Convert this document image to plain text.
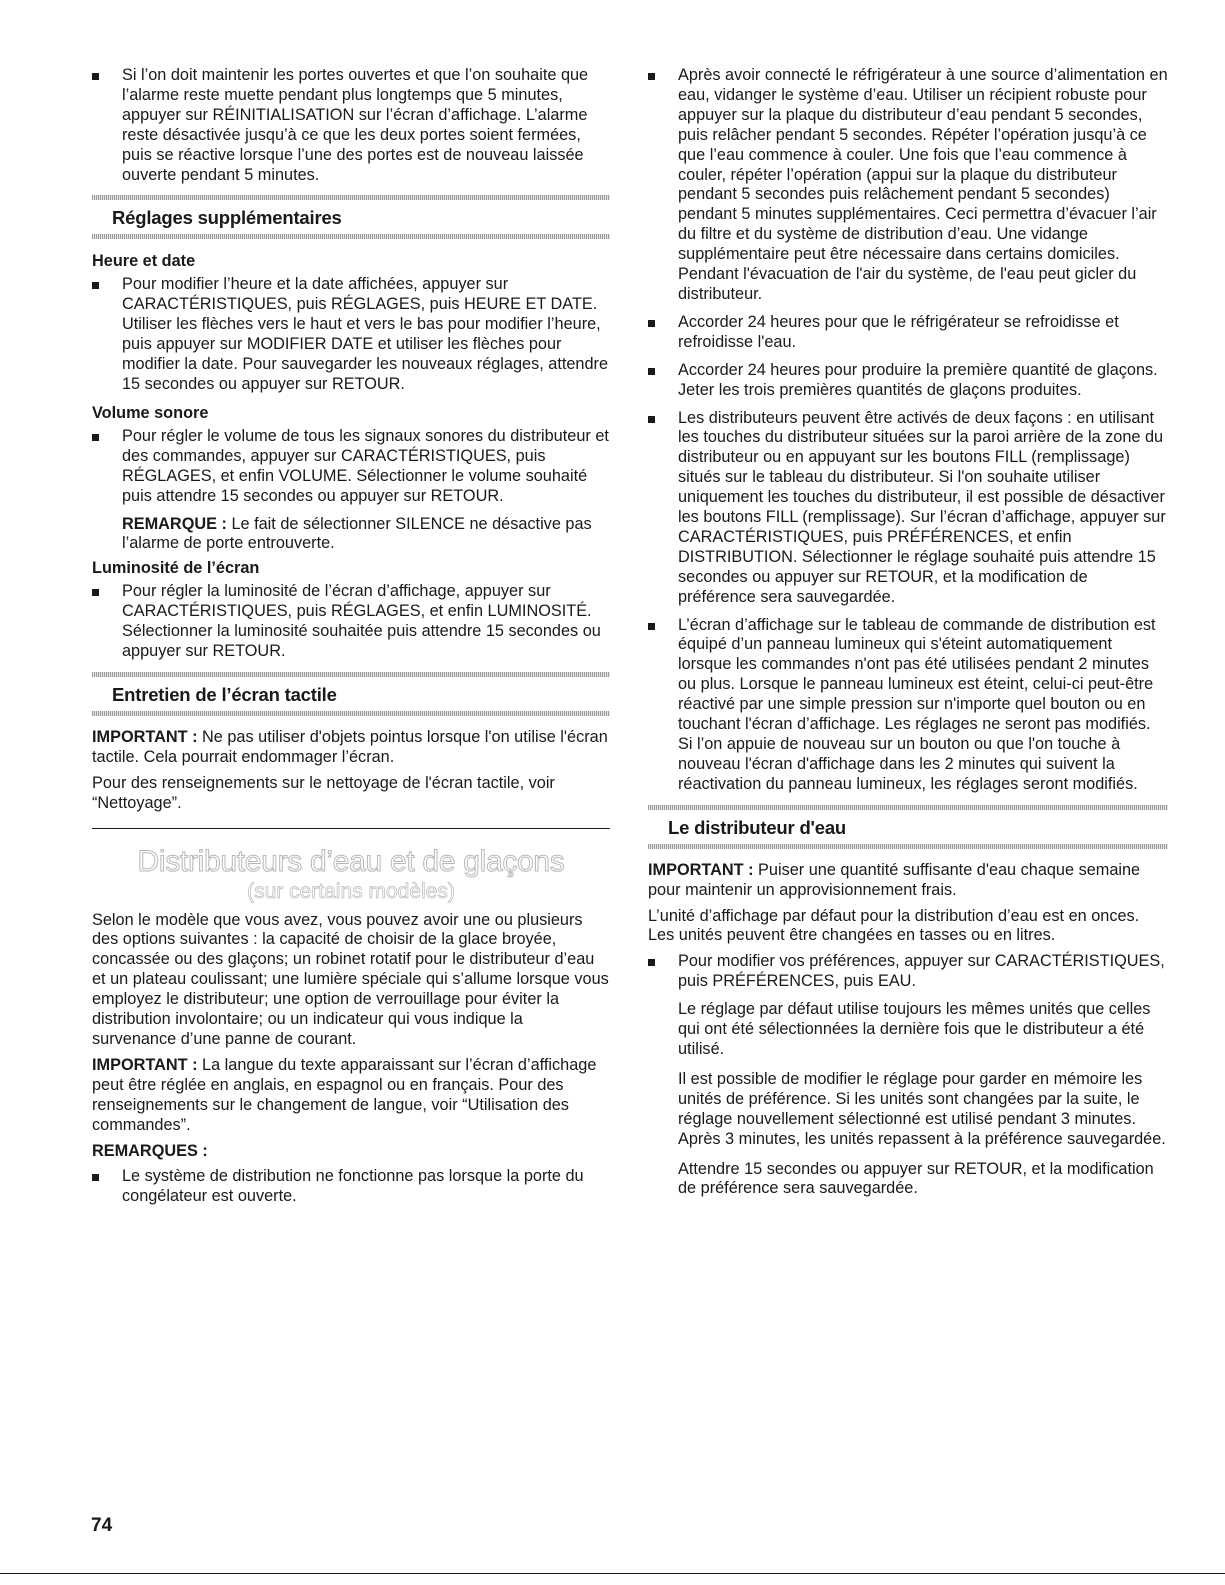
Si l’on doit maintenir les portes ouvertes et que l’on souhaite que l’alarme reste muette pendant plus longtemps que 5 minutes, appuyer sur RÉINITIALISATION sur l’écran d’affichage. L’alarme reste désactivée jusqu’à ce que les deux portes soient fermées, puis se réactive lorsque l’une des portes est de nouveau laissée ouverte pendant 5 minutes.

Réglages supplémentaires
Heure et date

Pour modifier l’heure et la date affichées, appuyer sur CARACTÉRISTIQUES, puis RÉGLAGES, puis HEURE ET DATE. Utiliser les flèches vers le haut et vers le bas pour modifier l’heure, puis appuyer sur MODIFIER DATE et utiliser les flèches pour modifier la date. Pour sauvegarder les nouveaux réglages, attendre 15 secondes ou appuyer sur RETOUR.

Volume sonore

Pour régler le volume de tous les signaux sonores du distributeur et des commandes, appuyer sur CARACTÉRISTIQUES, puis RÉGLAGES, et enfin VOLUME. Sélectionner le volume souhaité puis attendre 15 secondes ou appuyer sur RETOUR.

REMARQUE : Le fait de sélectionner SILENCE ne désactive pas l’alarme de porte entrouverte.

Luminosité de l’écran

Pour régler la luminosité de l’écran d’affichage, appuyer sur CARACTÉRISTIQUES, puis RÉGLAGES, et enfin LUMINOSITÉ. Sélectionner la luminosité souhaitée puis attendre 15 secondes ou appuyer sur RETOUR.

Entretien de l’écran tactile

IMPORTANT : Ne pas utiliser d'objets pointus lorsque l'on utilise l'écran tactile. Cela pourrait endommager l’écran.

Pour des renseignements sur le nettoyage de l'écran tactile, voir “Nettoyage”.

Distributeurs d’eau et de glaçons
(sur certains modèles)

Selon le modèle que vous avez, vous pouvez avoir une ou plusieurs des options suivantes : la capacité de choisir de la glace broyée, concassée ou des glaçons; un robinet rotatif pour le distributeur d’eau et un plateau coulissant; une lumière spéciale qui s’allume lorsque vous employez le distributeur; une option de verrouillage pour éviter la distribution involontaire; ou un indicateur qui vous indique la survenance d’une panne de courant.

IMPORTANT : La langue du texte apparaissant sur l’écran d’affichage peut être réglée en anglais, en espagnol ou en français. Pour des renseignements sur le changement de langue, voir “Utilisation des commandes”.

REMARQUES :

Le système de distribution ne fonctionne pas lorsque la porte du congélateur est ouverte.

Après avoir connecté le réfrigérateur à une source d’alimentation en eau, vidanger le système d’eau. Utiliser un récipient robuste pour appuyer sur la plaque du distributeur d’eau pendant 5 secondes, puis relâcher pendant 5 secondes. Répéter l’opération jusqu’à ce que l’eau commence à couler. Une fois que l’eau commence à couler, répéter l’opération (appui sur la plaque du distributeur pendant 5 secondes puis relâchement pendant 5 secondes) pendant 5 minutes supplémentaires. Ceci permettra d’évacuer l’air du filtre et du système de distribution d’eau. Une vidange supplémentaire peut être nécessaire dans certains domiciles. Pendant l'évacuation de l'air du système, de l'eau peut gicler du distributeur.

Accorder 24 heures pour que le réfrigérateur se refroidisse et refroidisse l'eau.

Accorder 24 heures pour produire la première quantité de glaçons. Jeter les trois premières quantités de glaçons produites.

Les distributeurs peuvent être activés de deux façons : en utilisant les touches du distributeur situées sur la paroi arrière de la zone du distributeur ou en appuyant sur les boutons FILL (remplissage) situés sur le tableau du distributeur. Si l'on souhaite utiliser uniquement les touches du distributeur, il est possible de désactiver les boutons FILL (remplissage). Sur l’écran d’affichage, appuyer sur CARACTÉRISTIQUES, puis PRÉFÉRENCES, et enfin DISTRIBUTION. Sélectionner le réglage souhaité puis attendre 15 secondes ou appuyer sur RETOUR, et la modification de préférence sera sauvegardée.

L’écran d’affichage sur le tableau de commande de distribution est équipé d’un panneau lumineux qui s'éteint automatiquement lorsque les commandes n'ont pas été utilisées pendant 2 minutes ou plus. Lorsque le panneau lumineux est éteint, celui-ci peut-être réactivé par une simple pression sur n'importe quel bouton ou en touchant l'écran d’affichage. Les réglages ne seront pas modifiés. Si l’on appuie de nouveau sur un bouton ou que l'on touche à nouveau l'écran d'affichage dans les 2 minutes qui suivent la réactivation du panneau lumineux, les réglages seront modifiés.

Le distributeur d'eau

IMPORTANT : Puiser une quantité suffisante d'eau chaque semaine pour maintenir un approvisionnement frais.

L’unité d’affichage par défaut pour la distribution d’eau est en onces. Les unités peuvent être changées en tasses ou en litres.

Pour modifier vos préférences, appuyer sur CARACTÉRISTIQUES, puis PRÉFÉRENCES, puis EAU.

Le réglage par défaut utilise toujours les mêmes unités que celles qui ont été sélectionnées la dernière fois que le distributeur a été utilisé.

Il est possible de modifier le réglage pour garder en mémoire les unités de préférence. Si les unités sont changées par la suite, le réglage nouvellement sélectionné est utilisé pendant 3 minutes. Après 3 minutes, les unités repassent à la préférence sauvegardée.

Attendre 15 secondes ou appuyer sur RETOUR, et la modification de préférence sera sauvegardée.

74
